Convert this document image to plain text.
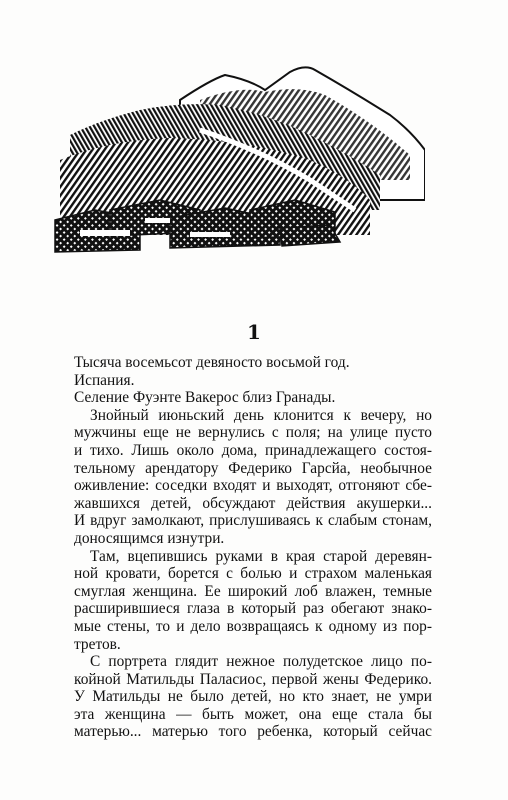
1

Тысяча восемьсот девяносто восьмой год.

Испания.

Селение Фуэнте Вакерос близ Гранады.

Знойный июньский день клонится к вечеру, но
мужчины еще не вернулись с поля; на улице пусто
и тихо. Лишь около дома, принадлежащего состоя-
тельному арендатору Федерико Гарсйа, необычное
оживление: соседки входят и выходят, отгоняют сбе-
жавшихся детей, обсуждают действия акушерки...
И вдруг замолкают, прислушиваясь к слабым стонам,
доносящимся изнутри.

Там, вцепившись руками в края старой деревян-
ной кровати, борется с болью и страхом маленькая
смуглая женщина. Ее широкий лоб влажен, темные
расширившиеся глаза в который раз обегают знако-
мые стены, то и дело возвращаясь к одному из пор-
третов.

С портрета глядит нежное полудетское лицо по-
койной Матильды Паласиос, первой жены Федерико.
У Матильды не было детей, но кто знает, не умри
эта женщина — быть может, она еще стала бы
матерью... матерью того ребенка, который сейчас
